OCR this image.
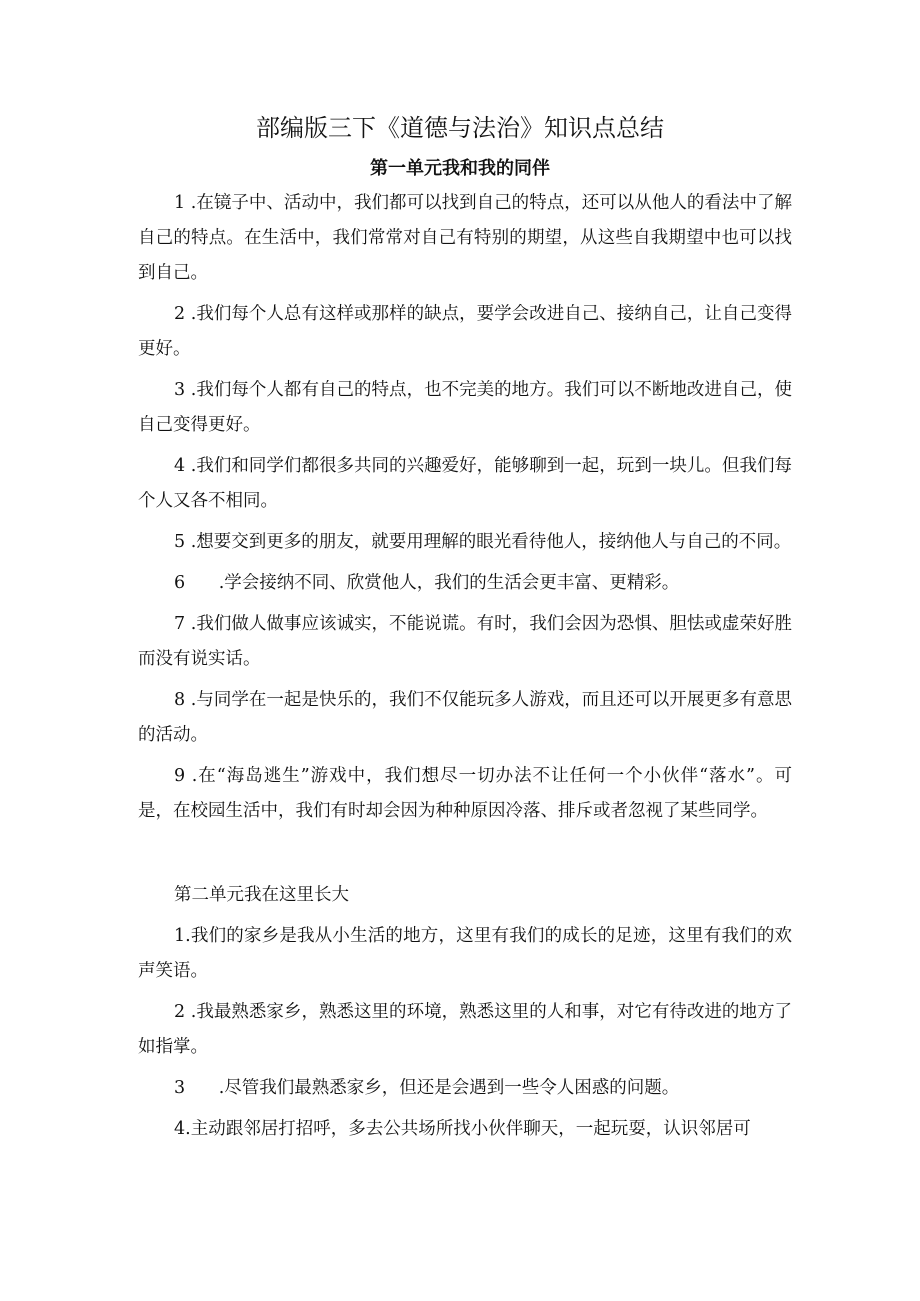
部编版三下《道德与法治》知识点总结
第一单元我和我的同伴

1 .在镜子中、活动中，我们都可以找到自己的特点，还可以从他人的看法中了解自己的特点。在生活中，我们常常对自己有特别的期望，从这些自我期望中也可以找到自己。

2 .我们每个人总有这样或那样的缺点，要学会改进自己、接纳自己，让自己变得更好。

3 .我们每个人都有自己的特点，也不完美的地方。我们可以不断地改进自己，使自己变得更好。

4 .我们和同学们都很多共同的兴趣爱好，能够聊到一起，玩到一块儿。但我们每个人又各不相同。

5 .想要交到更多的朋友，就要用理解的眼光看待他人，接纳他人与自己的不同。

6 .学会接纳不同、欣赏他人，我们的生活会更丰富、更精彩。

7 .我们做人做事应该诚实，不能说谎。有时，我们会因为恐惧、胆怯或虚荣好胜而没有说实话。

8 .与同学在一起是快乐的，我们不仅能玩多人游戏，而且还可以开展更多有意思的活动。

9 .在“海岛逃生”游戏中，我们想尽一切办法不让任何一个小伙伴“落水”。可是，在校园生活中，我们有时却会因为种种原因冷落、排斥或者忽视了某些同学。

第二单元我在这里长大

1.我们的家乡是我从小生活的地方，这里有我们的成长的足迹，这里有我们的欢声笑语。

2 .我最熟悉家乡，熟悉这里的环境，熟悉这里的人和事，对它有待改进的地方了如指掌。

3 .尽管我们最熟悉家乡，但还是会遇到一些令人困惑的问题。

4.主动跟邻居打招呼，多去公共场所找小伙伴聊天，一起玩耍，认识邻居可
